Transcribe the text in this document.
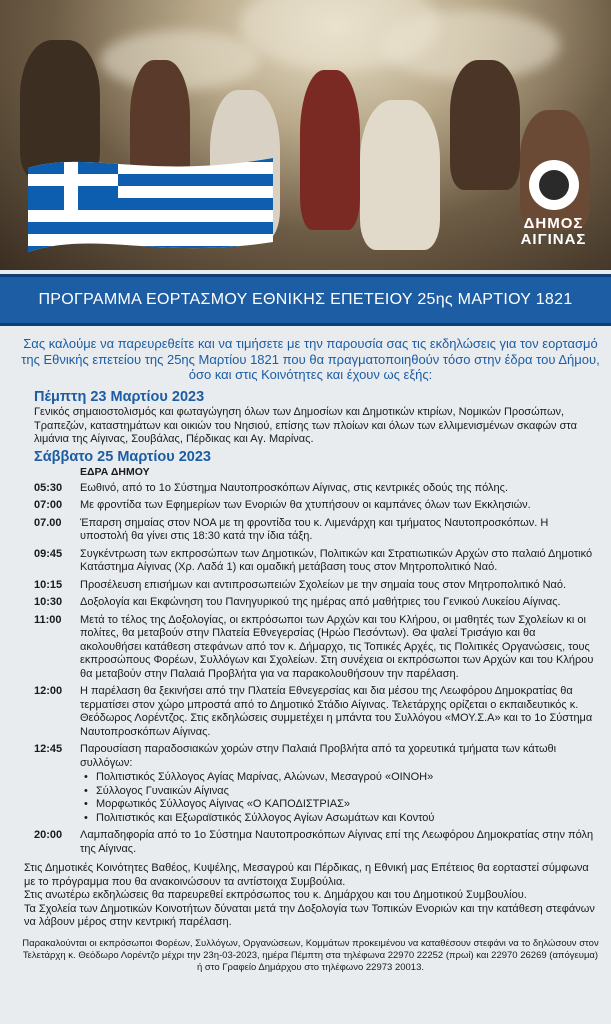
ΔΗΜΟΣ
ΑΙΓΙΝΑΣ
ΠΡΟΓΡΑΜΜΑ ΕΟΡΤΑΣΜΟΥ ΕΘΝΙΚΗΣ ΕΠΕΤΕΙΟΥ 25ης ΜΑΡΤΙΟΥ 1821

Σας καλούμε να παρευρεθείτε και να τιμήσετε με την παρουσία σας τις εκδηλώσεις για τον εορτασμό της Εθνικής επετείου της 25ης Μαρτίου 1821 που θα πραγματοποιηθούν τόσο στην έδρα του Δήμου, όσο και στις Κοινότητες και έχουν ως εξής:

Πέμπτη 23 Μαρτίου 2023

Γενικός σημαιοστολισμός και φωταγώγηση όλων των Δημοσίων και Δημοτικών κτιρίων, Νομικών Προσώπων, Τραπεζών, καταστημάτων και οικιών του Νησιού, επίσης των πλοίων και όλων των ελλιμενισμένων σκαφών στα λιμάνια της Αίγινας, Σουβάλας, Πέρδικας και Αγ. Μαρίνας.

Σάββατο 25 Μαρτίου 2023
ΕΔΡΑ ΔΗΜΟΥ
05:30	Εωθινό, από το 1ο Σύστημα Ναυτοπροσκόπων Αίγινας, στις κεντρικές οδούς της πόλης.
07:00	Με φροντίδα των Εφημερίων των Ενοριών θα χτυπήσουν οι καμπάνες όλων των Εκκλησιών.
07.00	Έπαρση σημαίας στον ΝΟΑ με τη φροντίδα του κ. Λιμενάρχη και τμήματος Ναυτοπροσκόπων. Η υποστολή θα γίνει στις 18:30 κατά την ίδια τάξη.
09:45	Συγκέντρωση των εκπροσώπων των Δημοτικών, Πολιτικών και Στρατιωτικών Αρχών στο παλαιό Δημοτικό Κατάστημα Αίγινας (Χρ. Λαδά 1) και ομαδική μετάβαση τους στον Μητροπολιτικό Ναό.
10:15	Προσέλευση επισήμων και αντιπροσωπειών Σχολείων με την σημαία τους στον Μητροπολιτικό Ναό.
10:30	Δοξολογία και Εκφώνηση του Πανηγυρικού της ημέρας από μαθήτριες του Γενικού Λυκείου Αίγινας.
11:00	Μετά το τέλος της Δοξολογίας, οι εκπρόσωποι των Αρχών και του Κλήρου, οι μαθητές των Σχολείων κι οι πολίτες, θα μεταβούν στην Πλατεία Εθνεγερσίας (Ηρώο Πεσόντων). Θα ψαλεί Τρισάγιο και θα ακολουθήσει κατάθεση στεφάνων από τον κ. Δήμαρχο, τις Τοπικές Αρχές, τις Πολιτικές Οργανώσεις, τους εκπροσώπους Φορέων, Συλλόγων και Σχολείων. Στη συνέχεια οι εκπρόσωποι των Αρχών και του Κλήρου θα μεταβούν στην Παλαιά Προβλήτα για να παρακολουθήσουν την παρέλαση.
12:00	Η παρέλαση θα ξεκινήσει από την Πλατεία Εθνεγερσίας και δια μέσου της Λεωφόρου Δημοκρατίας θα τερματίσει στον χώρο μπροστά από το Δημοτικό Στάδιο Αίγινας. Τελετάρχης ορίζεται ο εκπαιδευτικός κ. Θεόδωρος Λορέντζος. Στις εκδηλώσεις συμμετέχει η μπάντα του Συλλόγου «ΜΟΥ.Σ.Α» και το 1ο Σύστημα Ναυτοπροσκόπων Αίγινας.
12:45	Παρουσίαση παραδοσιακών χορών στην Παλαιά Προβλήτα από τα χορευτικά τμήματα των κάτωθι συλλόγων:
• Πολιτιστικός Σύλλογος Αγίας Μαρίνας, Αλώνων, Μεσαγρού «ΟΙΝΟΗ»
• Σύλλογος Γυναικών Αίγινας
• Μορφωτικός Σύλλογος Αίγινας «Ο ΚΑΠΟΔΙΣΤΡΙΑΣ»
• Πολιτιστικός και Εξωραϊστικός Σύλλογος Αγίων Ασωμάτων και Κοντού
20:00	Λαμπαδηφορία από το 1ο Σύστημα Ναυτοπροσκόπων Αίγινας επί της Λεωφόρου Δημοκρατίας στην πόλη της Αίγινας.

Στις Δημοτικές Κοινότητες Βαθέος, Κυψέλης, Μεσαγρού και Πέρδικας, η Εθνική μας Επέτειος θα εορταστεί σύμφωνα με το πρόγραμμα που θα ανακοινώσουν τα αντίστοιχα Συμβούλια.

Στις ανωτέρω εκδηλώσεις θα παρευρεθεί εκπρόσωπος του κ. Δημάρχου και του Δημοτικού Συμβουλίου.

Τα Σχολεία των Δημοτικών Κοινοτήτων δύναται μετά την Δοξολογία των Τοπικών Ενοριών και την κατάθεση στεφάνων να λάβουν μέρος στην κεντρική παρέλαση.

Παρακαλούνται οι εκπρόσωποι Φορέων, Συλλόγων, Οργανώσεων, Κομμάτων προκειμένου να καταθέσουν στεφάνι να το δηλώσουν στον Τελετάρχη κ. Θεόδωρο Λορέντζο μέχρι την 23η-03-2023, ημέρα Πέμπτη στα τηλέφωνα 22970 22252 (πρωί) και 22970 26269 (απόγευμα) ή στο Γραφείο Δημάρχου στο τηλέφωνο 22973 20013.
